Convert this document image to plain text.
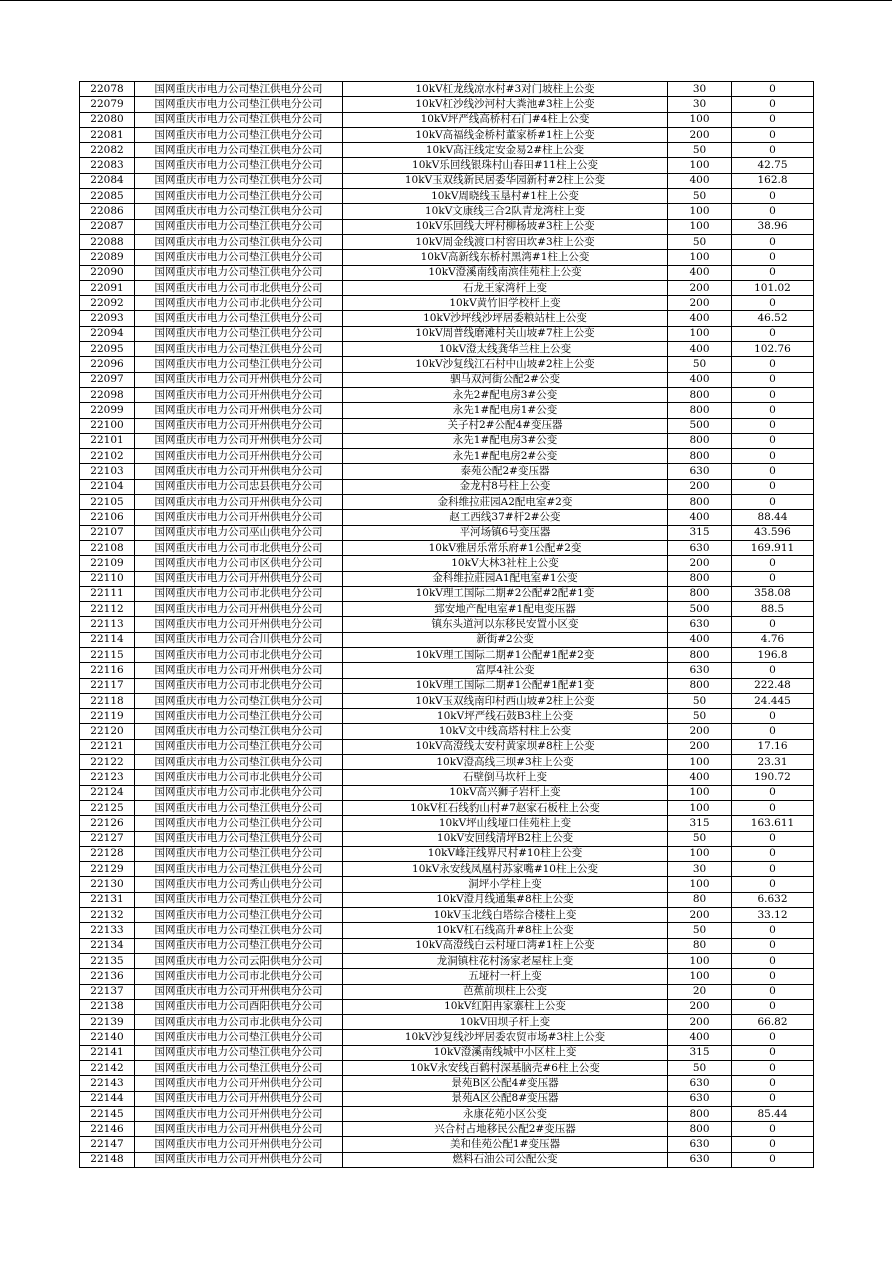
22078	国网重庆市电力公司垫江供电分公司	10kV杠龙线凉水村#3对门坡柱上公变	30	0
22079	国网重庆市电力公司垫江供电分公司	10kV杠沙线沙河村大粪池#3柱上公变	30	0
22080	国网重庆市电力公司垫江供电分公司	10kV坪严线高桥村石门#4柱上公变	100	0
22081	国网重庆市电力公司垫江供电分公司	10kV高福线金桥村董家桥#1柱上公变	200	0
22082	国网重庆市电力公司垫江供电分公司	10kV高汪线定安金易2#柱上公变	50	0
22083	国网重庆市电力公司垫江供电分公司	10kV乐回线银珠村山春田#11柱上公变	100	42.75
22084	国网重庆市电力公司垫江供电分公司	10kV玉双线新民居委华园新村#2柱上公变	400	162.8
22085	国网重庆市电力公司垫江供电分公司	10kV周晓线玉垦村#1柱上公变	50	0
22086	国网重庆市电力公司垫江供电分公司	10kV文康线三合2队青龙湾柱上变	100	0
22087	国网重庆市电力公司垫江供电分公司	10kV乐回线大坪村柳杨坡#3柱上公变	100	38.96
22088	国网重庆市电力公司垫江供电分公司	10kV周金线渡口村窖田坎#3柱上公变	50	0
22089	国网重庆市电力公司垫江供电分公司	10kV高新线东桥村黑湾#1柱上公变	100	0
22090	国网重庆市电力公司垫江供电分公司	10kV澄溪南线南滨佳苑柱上公变	400	0
22091	国网重庆市电力公司市北供电分公司	石龙王家湾杆上变	200	101.02
22092	国网重庆市电力公司市北供电分公司	10kV黄竹旧学校杆上变	200	0
22093	国网重庆市电力公司垫江供电分公司	10kV沙坪线沙坪居委粮站柱上公变	400	46.52
22094	国网重庆市电力公司垫江供电分公司	10kV周普线磨滩村关山坡#7柱上公变	100	0
22095	国网重庆市电力公司垫江供电分公司	10kV澄太线龚华兰柱上公变	400	102.76
22096	国网重庆市电力公司垫江供电分公司	10kV沙复线江石村中山坡#2柱上公变	50	0
22097	国网重庆市电力公司开州供电分公司	驷马双河街公配2#公变	400	0
22098	国网重庆市电力公司开州供电分公司	永先2#配电房3#公变	800	0
22099	国网重庆市电力公司开州供电分公司	永先1#配电房1#公变	800	0
22100	国网重庆市电力公司开州供电分公司	关子村2#公配4#变压器	500	0
22101	国网重庆市电力公司开州供电分公司	永先1#配电房3#公变	800	0
22102	国网重庆市电力公司开州供电分公司	永先1#配电房2#公变	800	0
22103	国网重庆市电力公司开州供电分公司	泰苑公配2#变压器	630	0
22104	国网重庆市电力公司忠县供电分公司	金龙村8号柱上公变	200	0
22105	国网重庆市电力公司开州供电分公司	金科维拉莊园A2配电室#2变	800	0
22106	国网重庆市电力公司开州供电分公司	赵工西线37#杆2#公变	400	88.44
22107	国网重庆市电力公司巫山供电分公司	平河场镇6号变压器	315	43.596
22108	国网重庆市电力公司市北供电分公司	10kV雅居乐常乐府#1公配#2变	630	169.911
22109	国网重庆市电力公司市区供电分公司	10kV大林3社柱上公变	200	0
22110	国网重庆市电力公司开州供电分公司	金科维拉莊园A1配电室#1公变	800	0
22111	国网重庆市电力公司市北供电分公司	10kV理工国际二期#2公配#2配#1变	800	358.08
22112	国网重庆市电力公司开州供电分公司	郅安地产配电室#1配电变压器	500	88.5
22113	国网重庆市电力公司开州供电分公司	镇东头道河以东移民安置小区变	630	0
22114	国网重庆市电力公司合川供电分公司	新街#2公变	400	4.76
22115	国网重庆市电力公司市北供电分公司	10kV理工国际二期#1公配#1配#2变	800	196.8
22116	国网重庆市电力公司开州供电分公司	富厚4社公变	630	0
22117	国网重庆市电力公司市北供电分公司	10kV理工国际二期#1公配#1配#1变	800	222.48
22118	国网重庆市电力公司垫江供电分公司	10kV玉双线南印村西山坡#2柱上公变	50	24.445
22119	国网重庆市电力公司垫江供电分公司	10kV坪严线石鼓B3柱上公变	50	0
22120	国网重庆市电力公司垫江供电分公司	10kV文中线高塔村柱上公变	200	0
22121	国网重庆市电力公司垫江供电分公司	10kV高澄线太安村黄家坝#8柱上公变	200	17.16
22122	国网重庆市电力公司垫江供电分公司	10kV澄高线三坝#3柱上公变	100	23.31
22123	国网重庆市电力公司市北供电分公司	石壁倒马坎杆上变	400	190.72
22124	国网重庆市电力公司市北供电分公司	10kV高兴狮子岩杆上变	100	0
22125	国网重庆市电力公司垫江供电分公司	10kV杠石线豹山村#7赵家石板柱上公变	100	0
22126	国网重庆市电力公司垫江供电分公司	10kV坪山线垭口佳苑柱上变	315	163.611
22127	国网重庆市电力公司垫江供电分公司	10kV安回线清坪B2柱上公变	50	0
22128	国网重庆市电力公司垫江供电分公司	10kV峰汪线界尺村#10柱上公变	100	0
22129	国网重庆市电力公司垫江供电分公司	10kV永安线凤凰村苏家嘴#10柱上公变	30	0
22130	国网重庆市电力公司秀山供电分公司	洞坪小学柱上变	100	0
22131	国网重庆市电力公司垫江供电分公司	10kV澄月线通集#8柱上公变	80	6.632
22132	国网重庆市电力公司垫江供电分公司	10kV玉北线白塔综合楼柱上变	200	33.12
22133	国网重庆市电力公司垫江供电分公司	10kV杠石线高升#8柱上公变	50	0
22134	国网重庆市电力公司垫江供电分公司	10kV高澄线白云村垭口湾#1柱上公变	80	0
22135	国网重庆市电力公司云阳供电分公司	龙洞镇柱花村汤家老屋柱上变	100	0
22136	国网重庆市电力公司市北供电分公司	五垭村一杆上变	100	0
22137	国网重庆市电力公司开州供电分公司	芭蕉前坝柱上公变	20	0
22138	国网重庆市电力公司酉阳供电分公司	10kV红阳冉家寨柱上公变	200	0
22139	国网重庆市电力公司市北供电分公司	10kV田坝子杆上变	200	66.82
22140	国网重庆市电力公司垫江供电分公司	10kV沙复线沙坪居委农贸市场#3柱上公变	400	0
22141	国网重庆市电力公司垫江供电分公司	10kV澄溪南线城中小区柱上变	315	0
22142	国网重庆市电力公司垫江供电分公司	10kV永安线百鹤村深基脑壳#6柱上公变	50	0
22143	国网重庆市电力公司开州供电分公司	景苑B区公配4#变压器	630	0
22144	国网重庆市电力公司开州供电分公司	景苑A区公配8#变压器	630	0
22145	国网重庆市电力公司开州供电分公司	永康花苑小区公变	800	85.44
22146	国网重庆市电力公司开州供电分公司	兴合村占地移民公配2#变压器	800	0
22147	国网重庆市电力公司开州供电分公司	美和佳苑公配1#变压器	630	0
22148	国网重庆市电力公司开州供电分公司	燃料石油公司公配公变	630	0
